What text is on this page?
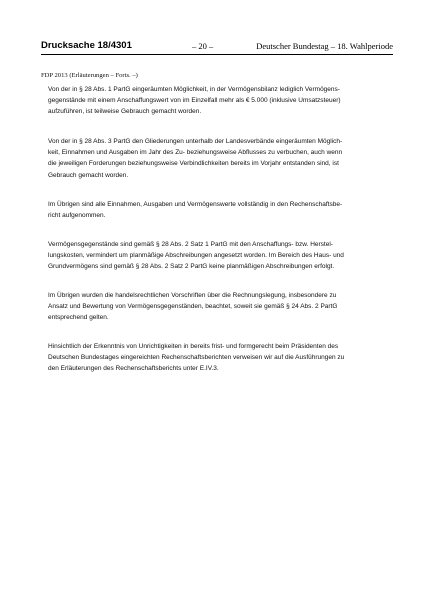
Drucksache 18/4301	– 20 –	Deutscher Bundestag – 18. Wahlperiode
FDP 2013 (Erläuterungen – Forts. –)

Von der in § 28 Abs. 1 PartG eingeräumten Möglichkeit, in der Vermögensbilanz lediglich Vermögens-
gegenstände mit einem Anschaffungswert von im Einzelfall mehr als € 5.000 (inklusive Umsatzsteuer)
aufzuführen, ist teilweise Gebrauch gemacht worden.

Von der in § 28 Abs. 3 PartG den Gliederungen unterhalb der Landesverbände eingeräumten Möglich-
keit, Einnahmen und Ausgaben im Jahr des Zu- beziehungsweise Abflusses zu verbuchen, auch wenn
die jeweiligen Forderungen beziehungsweise Verbindlichkeiten bereits im Vorjahr entstanden sind, ist
Gebrauch gemacht worden.

Im Übrigen sind alle Einnahmen, Ausgaben und Vermögenswerte vollständig in den Rechenschaftsbe-
richt aufgenommen.

Vermögensgegenstände sind gemäß § 28 Abs. 2 Satz 1 PartG mit den Anschaffungs- bzw. Herstel-
lungskosten, vermindert um planmäßige Abschreibungen angesetzt worden. Im Bereich des Haus- und
Grundvermögens sind gemäß § 28 Abs. 2 Satz 2 PartG keine planmäßigen Abschreibungen erfolgt.

Im Übrigen wurden die handelsrechtlichen Vorschriften über die Rechnungslegung, insbesondere zu
Ansatz und Bewertung von Vermögensgegenständen, beachtet, soweit sie gemäß § 24 Abs. 2 PartG
entsprechend gelten.

Hinsichtlich der Erkenntnis von Unrichtigkeiten in bereits frist- und formgerecht beim Präsidenten des
Deutschen Bundestages eingereichten Rechenschaftsberichten verweisen wir auf die Ausführungen zu
den Erläuterungen des Rechenschaftsberichts unter E.IV.3.
